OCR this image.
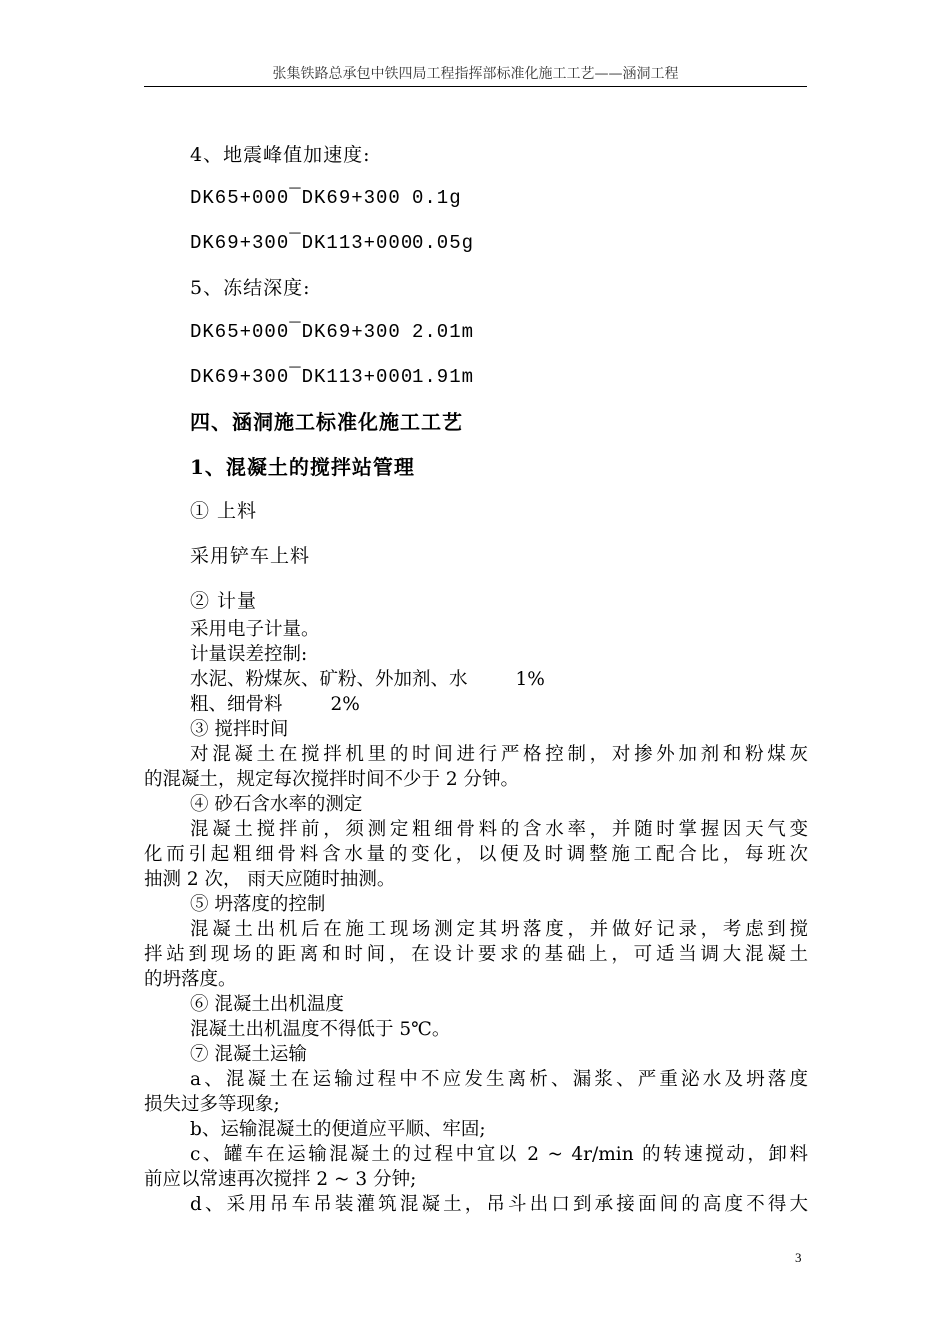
张集铁路总承包中铁四局工程指挥部标准化施工工艺——涵洞工程
4、地震峰值加速度:
DK65+000¯DK69+300 0.1g
DK69+300¯DK113+000
0.05g
5、冻结深度:
DK65+000¯DK69+300 2.01m
DK69+300¯DK113+000
1.91m
四、涵洞施工标准化施工工艺
1、混凝土的搅拌站管理
① 上料
采用铲车上料
② 计量
采用电子计量。
计量误差控制:
水泥、粉煤灰、矿粉、外加剂、水	1%
粗、细骨料	2%
③ 搅拌时间
对混凝土在搅拌机里的时间进行严格控制，对掺外加剂和粉煤灰
的混凝土，规定每次搅拌时间不少于 2 分钟。
④ 砂石含水率的测定
混凝土搅拌前，须测定粗细骨料的含水率，并随时掌握因天气变
化而引起粗细骨料含水量的变化，以便及时调整施工配合比，每班次
抽测 2 次， 雨天应随时抽测。
⑤ 坍落度的控制
混凝土出机后在施工现场测定其坍落度，并做好记录，考虑到搅
拌站到现场的距离和时间，在设计要求的基础上，可适当调大混凝土
的坍落度。
⑥ 混凝土出机温度
混凝土出机温度不得低于 5℃。
⑦ 混凝土运输
a、混凝土在运输过程中不应发生离析、漏浆、严重泌水及坍落度
损失过多等现象;
b、运输混凝土的便道应平顺、牢固;
c、罐车在运输混凝土的过程中宜以 2 ~ 4r/min 的转速搅动，卸料
前应以常速再次搅拌 2 ~ 3 分钟;
d、采用吊车吊装灌筑混凝土，吊斗出口到承接面间的高度不得大
3
